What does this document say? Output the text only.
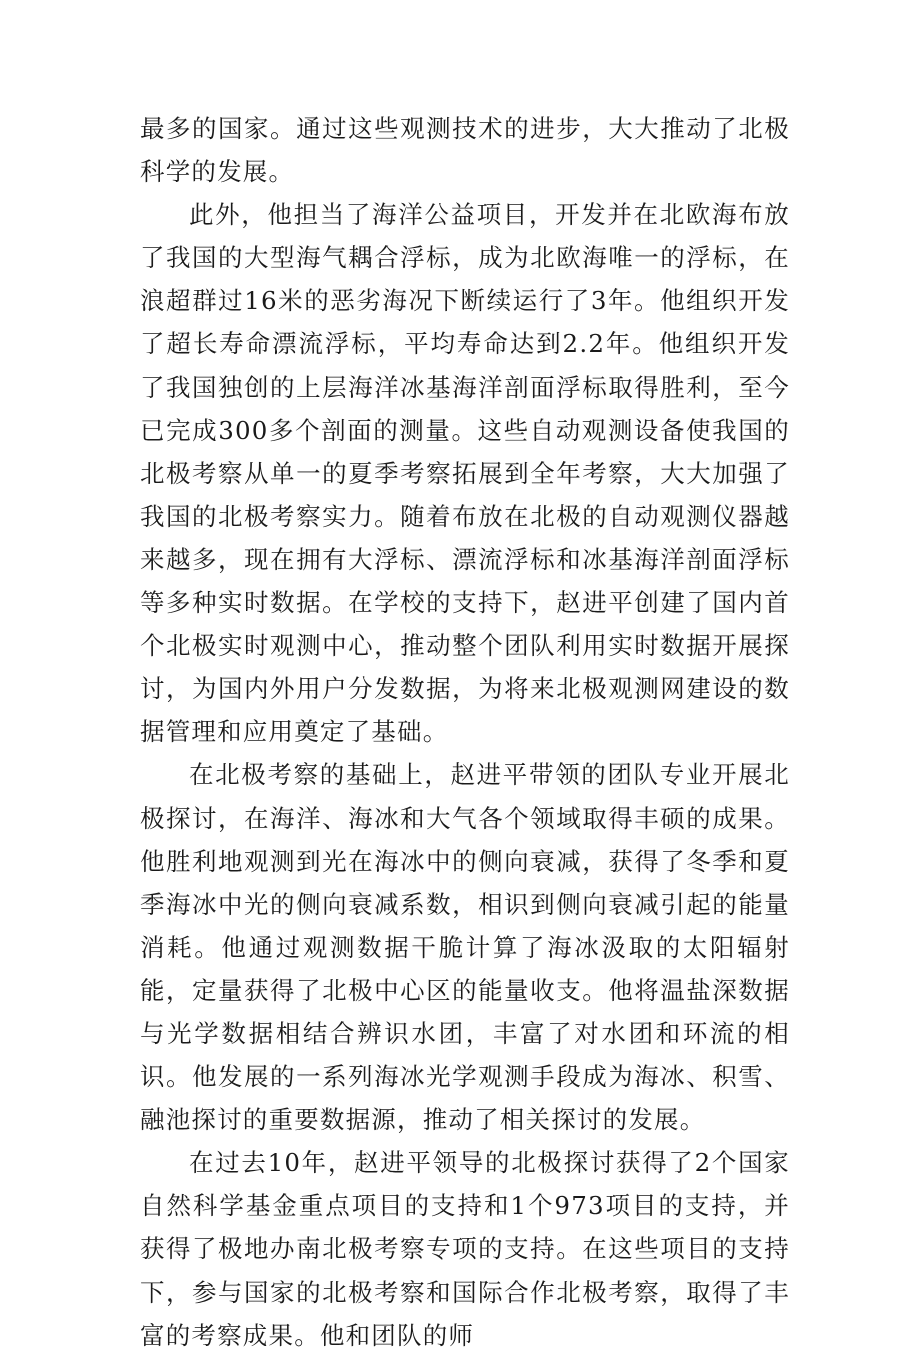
最多的国家。通过这些观测技术的进步，大大推动了北极科学的发展。

此外，他担当了海洋公益项目，开发并在北欧海布放了我国的大型海气耦合浮标，成为北欧海唯一的浮标，在浪超群过16米的恶劣海况下断续运行了3年。他组织开发了超长寿命漂流浮标，平均寿命达到2.2年。他组织开发了我国独创的上层海洋冰基海洋剖面浮标取得胜利，至今已完成300多个剖面的测量。这些自动观测设备使我国的北极考察从单一的夏季考察拓展到全年考察，大大加强了我国的北极考察实力。随着布放在北极的自动观测仪器越来越多，现在拥有大浮标、漂流浮标和冰基海洋剖面浮标等多种实时数据。在学校的支持下，赵进平创建了国内首个北极实时观测中心，推动整个团队利用实时数据开展探讨，为国内外用户分发数据，为将来北极观测网建设的数据管理和应用奠定了基础。

在北极考察的基础上，赵进平带领的团队专业开展北极探讨，在海洋、海冰和大气各个领域取得丰硕的成果。他胜利地观测到光在海冰中的侧向衰减，获得了冬季和夏季海冰中光的侧向衰减系数，相识到侧向衰减引起的能量消耗。他通过观测数据干脆计算了海冰汲取的太阳辐射能，定量获得了北极中心区的能量收支。他将温盐深数据与光学数据相结合辨识水团，丰富了对水团和环流的相识。他发展的一系列海冰光学观测手段成为海冰、积雪、融池探讨的重要数据源，推动了相关探讨的发展。

在过去10年，赵进平领导的北极探讨获得了2个国家自然科学基金重点项目的支持和1个973项目的支持，并获得了极地办南北极考察专项的支持。在这些项目的支持下，参与国家的北极考察和国际合作北极考察，取得了丰富的考察成果。他和团队的师
